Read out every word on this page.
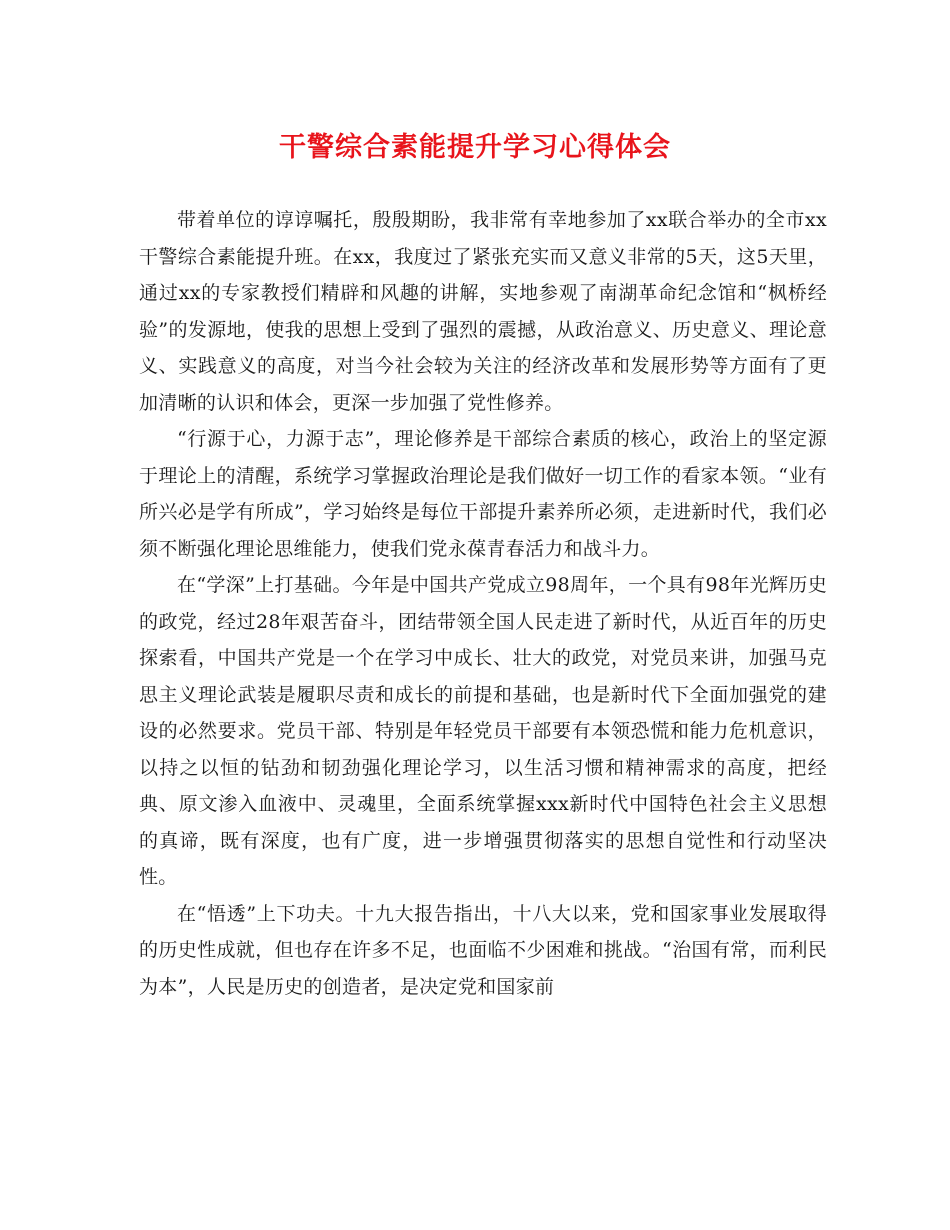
干警综合素能提升学习心得体会

带着单位的谆谆嘱托，殷殷期盼，我非常有幸地参加了xx联合举办的全市xx干警综合素能提升班。在xx，我度过了紧张充实而又意义非常的5天，这5天里，通过xx的专家教授们精辟和风趣的讲解，实地参观了南湖革命纪念馆和“枫桥经验”的发源地，使我的思想上受到了强烈的震撼，从政治意义、历史意义、理论意义、实践意义的高度，对当今社会较为关注的经济改革和发展形势等方面有了更加清晰的认识和体会，更深一步加强了党性修养。

“行源于心，力源于志”，理论修养是干部综合素质的核心，政治上的坚定源于理论上的清醒，系统学习掌握政治理论是我们做好一切工作的看家本领。“业有所兴必是学有所成”，学习始终是每位干部提升素养所必须，走进新时代，我们必须不断强化理论思维能力，使我们党永葆青春活力和战斗力。

在“学深”上打基础。今年是中国共产党成立98周年，一个具有98年光辉历史的政党，经过28年艰苦奋斗，团结带领全国人民走进了新时代，从近百年的历史探索看，中国共产党是一个在学习中成长、壮大的政党，对党员来讲，加强马克思主义理论武装是履职尽责和成长的前提和基础，也是新时代下全面加强党的建设的必然要求。党员干部、特别是年轻党员干部要有本领恐慌和能力危机意识，以持之以恒的钻劲和韧劲强化理论学习，以生活习惯和精神需求的高度，把经典、原文渗入血液中、灵魂里，全面系统掌握xxx新时代中国特色社会主义思想的真谛，既有深度，也有广度，进一步增强贯彻落实的思想自觉性和行动坚决性。

在“悟透”上下功夫。十九大报告指出，十八大以来，党和国家事业发展取得的历史性成就，但也存在许多不足，也面临不少困难和挑战。“治国有常，而利民为本”，人民是历史的创造者，是决定党和国家前
